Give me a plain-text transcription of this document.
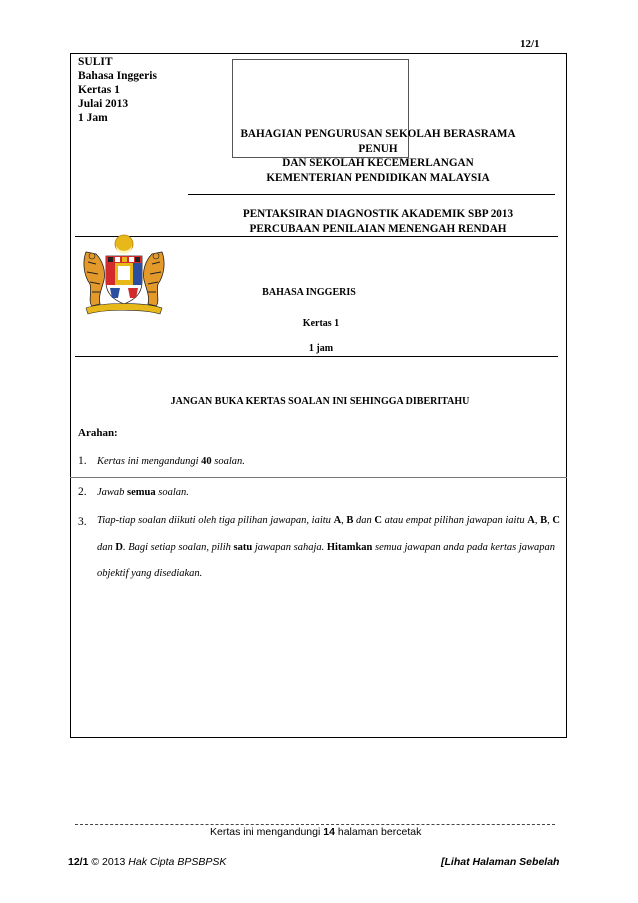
12/1
SULIT
Bahasa Inggeris
Kertas 1
Julai 2013
1 Jam
BAHAGIAN PENGURUSAN SEKOLAH BERASRAMA
PENUH
DAN SEKOLAH KECEMERLANGAN
KEMENTERIAN PENDIDIKAN MALAYSIA
PENTAKSIRAN DIAGNOSTIK AKADEMIK SBP 2013
PERCUBAAN PENILAIAN MENENGAH RENDAH
BAHASA INGGERIS
Kertas 1
1 jam
JANGAN BUKA KERTAS SOALAN INI SEHINGGA DIBERITAHU
Arahan:
1. Kertas ini mengandungi 40 soalan.
2. Jawab semua soalan.
3. Tiap-tiap soalan diikuti oleh tiga pilihan jawapan, iaitu A, B dan C atau empat pilihan jawapan iaitu A, B, C dan D. Bagi setiap soalan, pilih satu jawapan sahaja. Hitamkan semua jawapan anda pada kertas jawapan objektif yang disediakan.
Kertas ini mengandungi 14 halaman bercetak
12/1 © 2013 Hak Cipta BPSBPSK	[Lihat Halaman Sebelah
